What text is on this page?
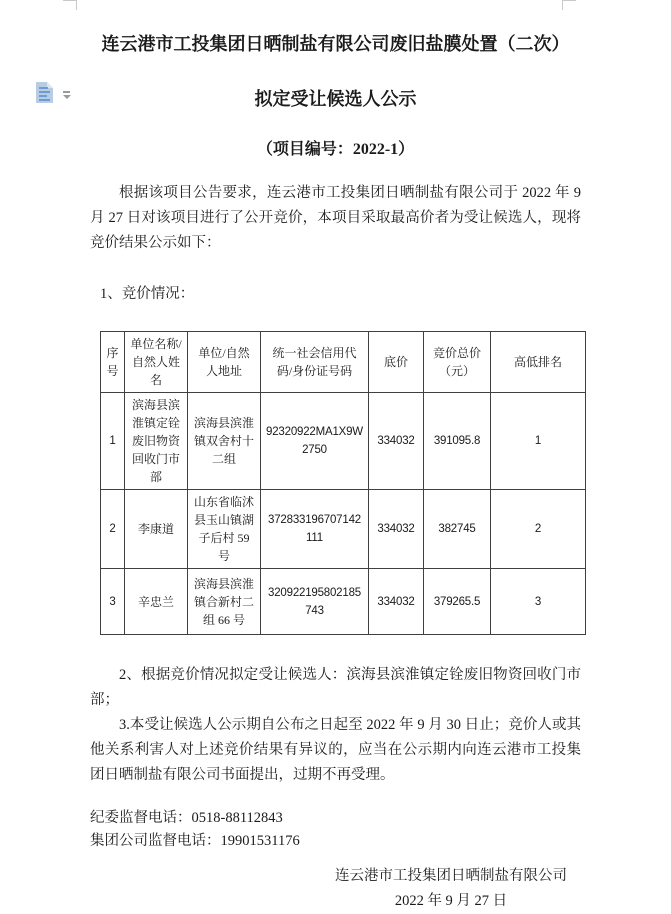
连云港市工投集团日晒制盐有限公司废旧盐膜处置（二次）
拟定受让候选人公示
（项目编号：2022-1）
根据该项目公告要求，连云港市工投集团日晒制盐有限公司于 2022 年 9 月 27 日对该项目进行了公开竞价，本项目采取最高价者为受让候选人，现将竞价结果公示如下：
1、竞价情况：
序号	单位名称/自然人姓名	单位/自然人地址	统一社会信用代码/身份证号码	底价	竞价总价（元）	高低排名
1	滨海县滨淮镇定铨废旧物资回收门市部	滨海县滨淮镇双舍村十二组	92320922MA1X9W2750	334032	391095.8	1
2	李康道	山东省临沭县玉山镇湖子后村 59 号	372833196707142111	334032	382745	2
3	辛忠兰	滨海县滨淮镇合新村二组 66 号	320922195802185743	334032	379265.5	3
2、根据竞价情况拟定受让候选人：滨海县滨淮镇定铨废旧物资回收门市部；
3.本受让候选人公示期自公布之日起至 2022 年 9 月 30 日止；竞价人或其他关系利害人对上述竞价结果有异议的，应当在公示期内向连云港市工投集团日晒制盐有限公司书面提出，过期不再受理。
纪委监督电话：0518-88112843
集团公司监督电话：19901531176
连云港市工投集团日晒制盐有限公司
2022 年 9 月 27 日
